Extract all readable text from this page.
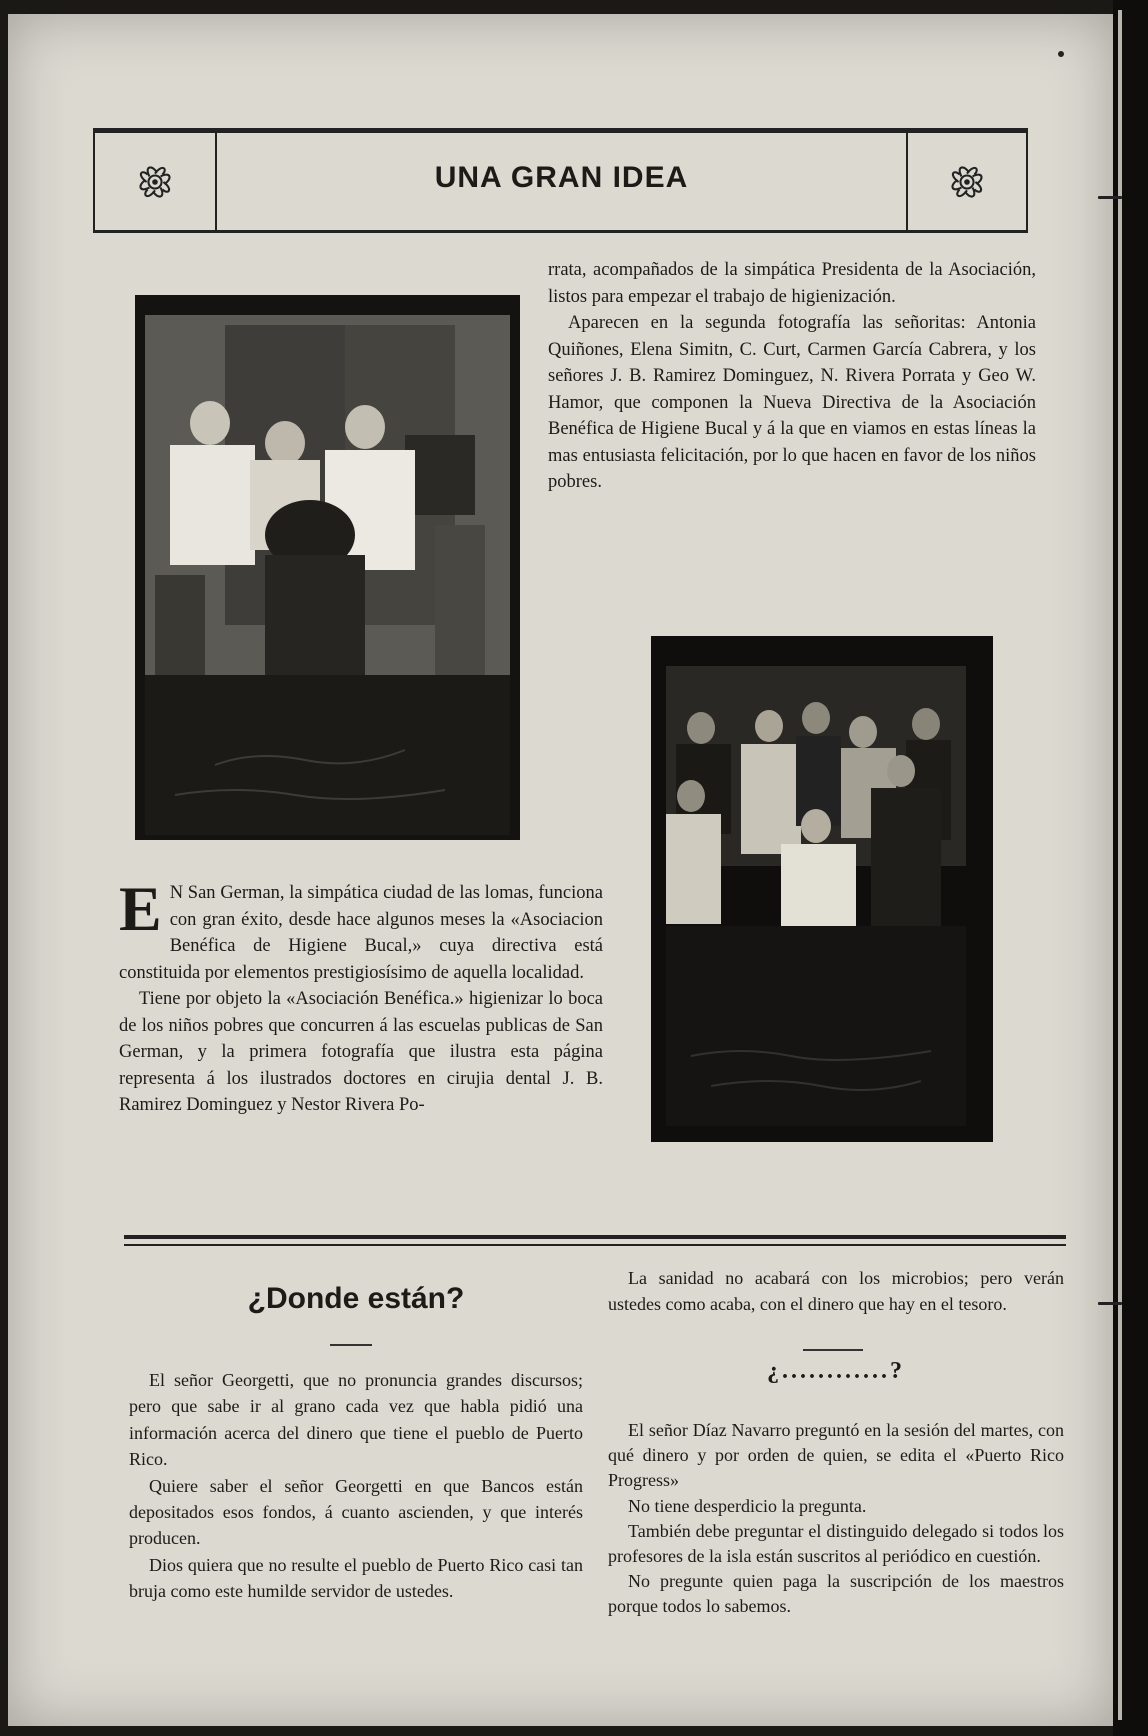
UNA GRAN IDEA

rrata, acompañados de la simpática Presidenta de la Asociación, listos para empezar el trabajo de higienización.

Aparecen en la segunda fotografía las señoritas: Antonia Quiñones, Elena Simitn, C. Curt, Carmen García Cabrera, y los señores J. B. Ramirez Dominguez, N. Rivera Porrata y Geo W. Hamor, que componen la Nueva Directiva de la Asociación Benéfica de Higiene Bucal y á la que en viamos en estas líneas la mas entusiasta felicitación, por lo que hacen en favor de los niños pobres.

E N San German, la simpática ciudad de las lomas, funciona con gran éxito, desde hace algunos meses la «Asociacion Benéfica de Higiene Bucal,» cuya directiva está constituida por elementos prestigiosísimo de aquella localidad.

Tiene por objeto la «Asociación Benéfica.» higienizar lo boca de los niños pobres que concurren á las escuelas publicas de San German, y la primera fotografía que ilustra esta página representa á los ilustrados doctores en cirujia dental J. B. Ramirez Dominguez y Nestor Rivera Po-

¿Donde están?

El señor Georgetti, que no pronuncia grandes discursos; pero que sabe ir al grano cada vez que habla pidió una información acerca del dinero que tiene el pueblo de Puerto Rico.

Quiere saber el señor Georgetti en que Bancos están depositados esos fondos, á cuanto ascienden, y que interés producen.

Dios quiera que no resulte el pueblo de Puerto Rico casi tan bruja como este humilde servidor de ustedes.

La sanidad no acabará con los microbios; pero verán ustedes como acaba, con el dinero que hay en el tesoro.

¿............?

El señor Díaz Navarro preguntó en la sesión del martes, con qué dinero y por orden de quien, se edita el «Puerto Rico Progress»

No tiene desperdicio la pregunta.

También debe preguntar el distinguido delegado si todos los profesores de la isla están suscritos al periódico en cuestión.

No pregunte quien paga la suscripción de los maestros porque todos lo sabemos.
